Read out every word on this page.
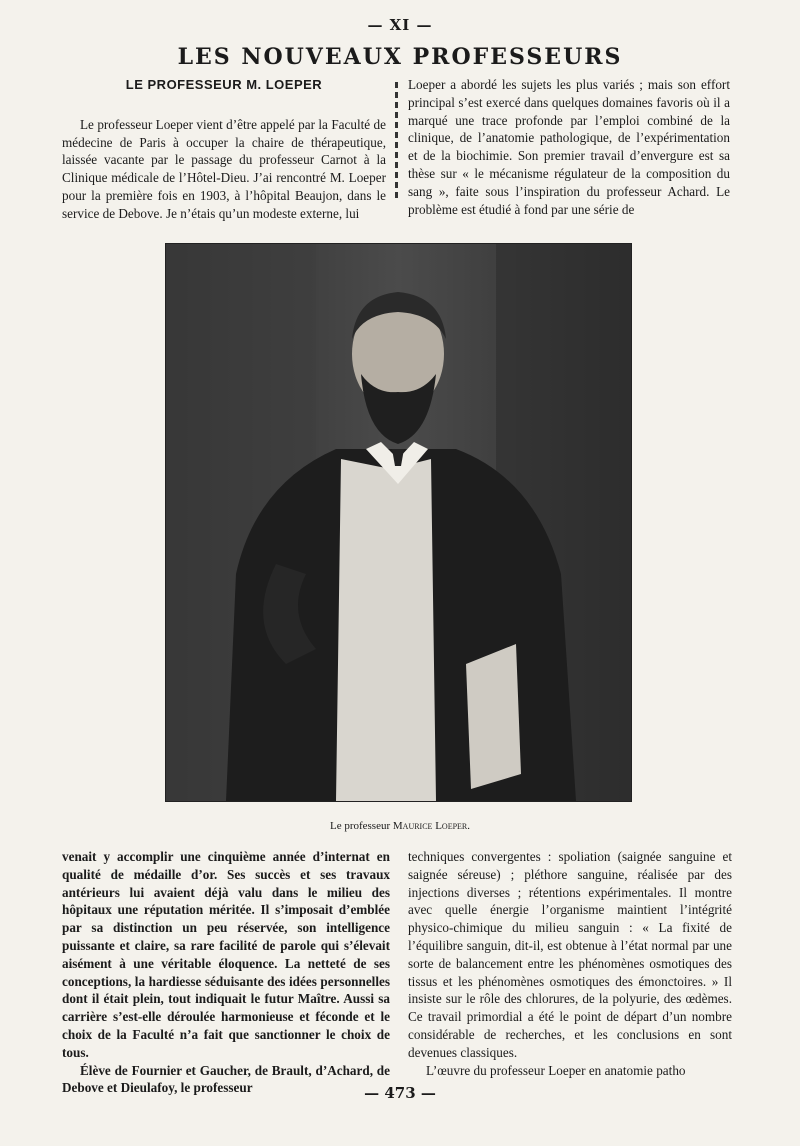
— XI —
LES NOUVEAUX PROFESSEURS

LE PROFESSEUR M. LOEPER

Le professeur Loeper vient d’être appelé par la Faculté de médecine de Paris à occuper la chaire de thérapeutique, laissée vacante par le passage du professeur Carnot à la Clinique médicale de l’Hôtel-Dieu. J’ai rencontré M. Loeper pour la première fois en 1903, à l’hôpital Beaujon, dans le service de Debove. Je n’étais qu’un modeste externe, lui

Loeper a abordé les sujets les plus variés ; mais son effort principal s’est exercé dans quelques domaines favoris où il a marqué une trace profonde par l’emploi combiné de la clinique, de l’anatomie pathologique, de l’expérimentation et de la biochimie. Son premier travail d’envergure est sa thèse sur « le mécanisme régulateur de la composition du sang », faite sous l’inspiration du professeur Achard. Le problème est étudié à fond par une série de

Le professeur Maurice Loeper.

venait y accomplir une cinquième année d’internat en qualité de médaille d’or. Ses succès et ses travaux antérieurs lui avaient déjà valu dans le milieu des hôpitaux une réputation méritée. Il s’imposait d’emblée par sa distinction un peu réservée, son intelligence puissante et claire, sa rare facilité de parole qui s’élevait aisément à une véritable éloquence. La netteté de ses conceptions, la hardiesse séduisante des idées personnelles dont il était plein, tout indiquait le futur Maître. Aussi sa carrière s’est-elle déroulée harmonieuse et féconde et le choix de la Faculté n’a fait que sanctionner le choix de tous.

Élève de Fournier et Gaucher, de Brault, d’Achard, de Debove et Dieulafoy, le professeur

techniques convergentes : spoliation (saignée sanguine et saignée séreuse) ; pléthore sanguine, réalisée par des injections diverses ; rétentions expérimentales. Il montre avec quelle énergie l’organisme maintient l’intégrité physico-chimique du milieu sanguin : « La fixité de l’équilibre sanguin, dit-il, est obtenue à l’état normal par une sorte de balancement entre les phénomènes osmotiques des tissus et les phénomènes osmotiques des émonctoires. » Il insiste sur le rôle des chlorures, de la polyurie, des œdèmes. Ce travail primordial a été le point de départ d’un nombre considérable de recherches, et les conclusions en sont devenues classiques.

L’œuvre du professeur Loeper en anatomie patho

— 473 —
